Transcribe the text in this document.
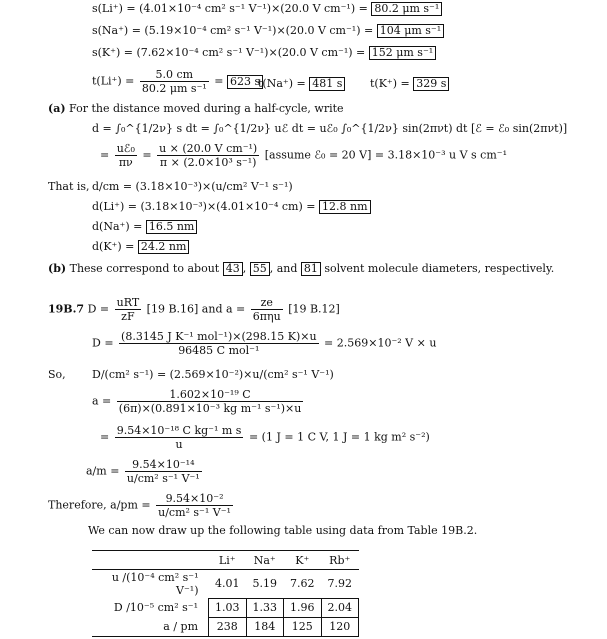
s(Li⁺) = (4.01×10⁻⁴ cm² s⁻¹ V⁻¹)×(20.0 V cm⁻¹) = 80.2 μm s⁻¹
s(Na⁺) = (5.19×10⁻⁴ cm² s⁻¹ V⁻¹)×(20.0 V cm⁻¹) = 104 μm s⁻¹
s(K⁺) = (7.62×10⁻⁴ cm² s⁻¹ V⁻¹)×(20.0 V cm⁻¹) = 152 μm s⁻¹
$t(Li^+) = \frac{5.0 cm}{\text{80.2 μm s⁻¹}} = 623$ s
t(Na⁺) = 481 s	t(K⁺) = 329 s
(a) For the distance moved during a half-cycle, write
d = ∫₀^{1/2ν} s dt = ∫₀^{1/2ν} uℰ dt = uℰ₀ ∫₀^{1/2ν} sin(2πνt) dt [ℰ = ℰ₀ sin(2πνt)]
= $\frac{\text{uℰ₀}}{\pi\nu} = \frac{\text{u × (20.0 V cm⁻¹)}}{\text{π × (2.0×10³ s⁻¹)}}$ [assume ℰ₀ = 20 V] = 3.18×10⁻³ u V s cm⁻¹
That is, d/cm = (3.18×10⁻³)×(u/cm² V⁻¹ s⁻¹)
d(Li⁺) = (3.18×10⁻³)×(4.01×10⁻⁴ cm) = 12.8 nm
d(Na⁺) = 16.5 nm
d(K⁺) = 24.2 nm
(b) These correspond to about 43 , 55 , and 81 solvent molecule diameters, respectively.
19B.7 $D = \frac{\text{uRT}}{zF} [19$ B.16] and $a = \frac{ze}{\text{6πηu}} [19$ B.12]
$D = \frac{\text{(8.3145 J K⁻¹ mol⁻¹)×(298.15 K)×u}}{\text{96485 C mol⁻¹}} = 2.569\times 10^{-2}$ V × u
So, D/(cm² s⁻¹) = (2.569×10⁻²)×u/(cm² s⁻¹ V⁻¹)
$a = \frac{\text{1.602×10⁻¹⁹ C}}{\text{(6π)×(0.891×10⁻³ kg m⁻¹ s⁻¹)×u}}$
= $\frac{\text{9.54×10⁻¹⁸ C kg⁻¹ m s}}{u} = (1$ J = 1 C V, 1 J = 1 kg m² s⁻²)
$a/m = \frac{\text{9.54×10⁻¹⁴}}{\text{u/cm² s⁻¹ V⁻¹}}$
Therefore, $a/pm = \frac{\text{9.54×10⁻²}}{\text{u/cm² s⁻¹ V⁻¹}}$
We can now draw up the following table using data from Table 19B.2.
	Li⁺	Na⁺	K⁺	Rb⁺
u /(10⁻⁴ cm² s⁻¹ V⁻¹)	4.01	5.19	7.62	7.92
D /10⁻⁵ cm² s⁻¹	1.03	1.33	1.96	2.04
a / pm	238	184	125	120
